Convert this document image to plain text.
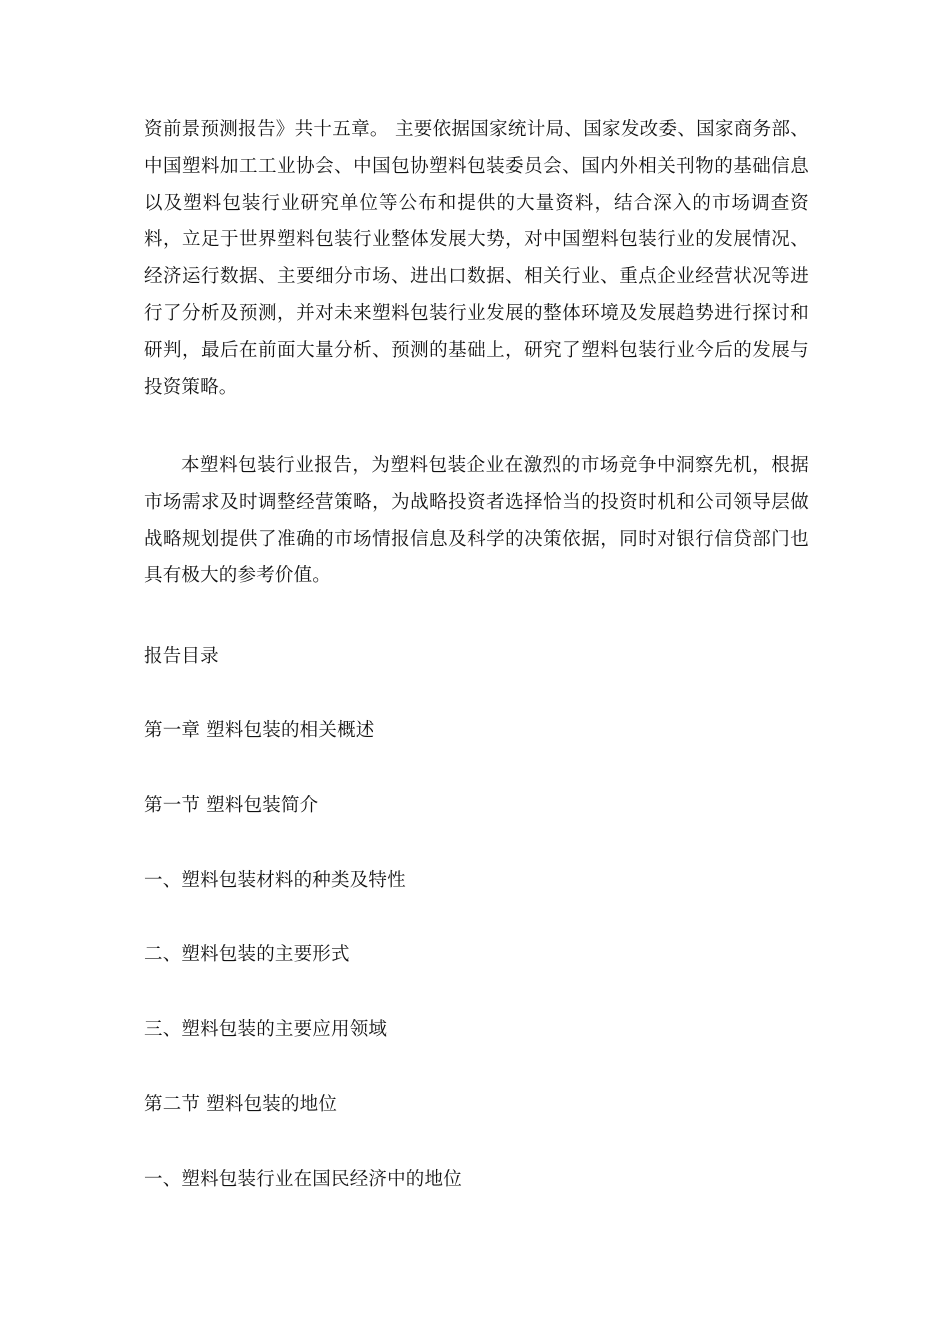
资前景预测报告》共十五章。 主要依据国家统计局、国家发改委、国家商务部、中国塑料加工工业协会、中国包协塑料包装委员会、国内外相关刊物的基础信息以及塑料包装行业研究单位等公布和提供的大量资料，结合深入的市场调查资料，立足于世界塑料包装行业整体发展大势，对中国塑料包装行业的发展情况、经济运行数据、主要细分市场、进出口数据、相关行业、重点企业经营状况等进行了分析及预测，并对未来塑料包装行业发展的整体环境及发展趋势进行探讨和研判，最后在前面大量分析、预测的基础上，研究了塑料包装行业今后的发展与投资策略。

本塑料包装行业报告，为塑料包装企业在激烈的市场竞争中洞察先机，根据市场需求及时调整经营策略，为战略投资者选择恰当的投资时机和公司领导层做战略规划提供了准确的市场情报信息及科学的决策依据，同时对银行信贷部门也具有极大的参考价值。

报告目录

第一章 塑料包装的相关概述

第一节 塑料包装简介

一、塑料包装材料的种类及特性

二、塑料包装的主要形式

三、塑料包装的主要应用领域

第二节 塑料包装的地位

一、塑料包装行业在国民经济中的地位
